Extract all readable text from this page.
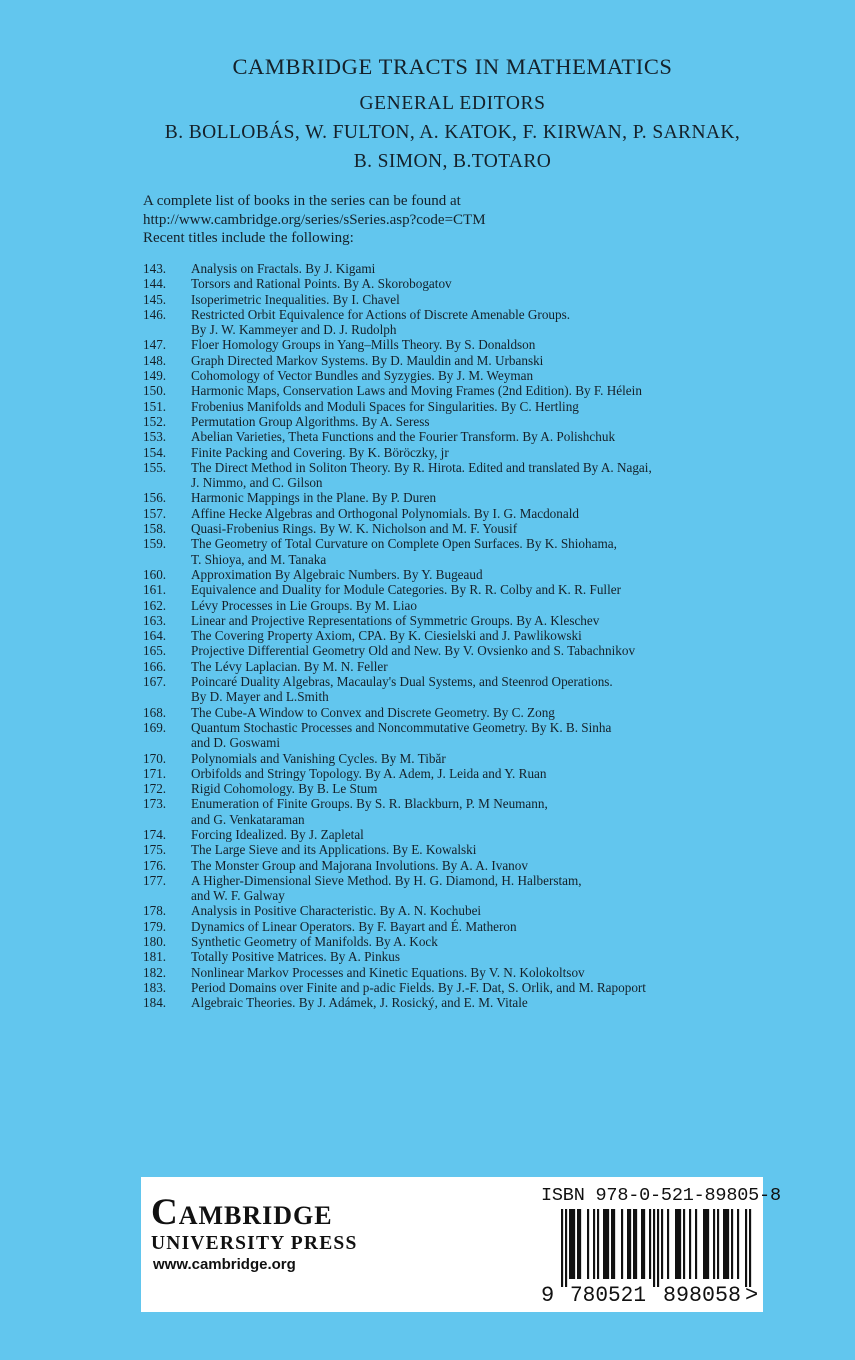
CAMBRIDGE TRACTS IN MATHEMATICS
GENERAL EDITORS
B. BOLLOBÁS, W. FULTON, A. KATOK, F. KIRWAN, P. SARNAK,
B. SIMON, B.TOTARO
A complete list of books in the series can be found at
http://www.cambridge.org/series/sSeries.asp?code=CTM
Recent titles include the following:
143.	Analysis on Fractals. By J. Kigami
144.	Torsors and Rational Points. By A. Skorobogatov
145.	Isoperimetric Inequalities. By I. Chavel
146.	Restricted Orbit Equivalence for Actions of Discrete Amenable Groups.
By J. W. Kammeyer and D. J. Rudolph
147.	Floer Homology Groups in Yang–Mills Theory. By S. Donaldson
148.	Graph Directed Markov Systems. By D. Mauldin and M. Urbanski
149.	Cohomology of Vector Bundles and Syzygies. By J. M. Weyman
150.	Harmonic Maps, Conservation Laws and Moving Frames (2nd Edition). By F. Hélein
151.	Frobenius Manifolds and Moduli Spaces for Singularities. By C. Hertling
152.	Permutation Group Algorithms. By A. Seress
153.	Abelian Varieties, Theta Functions and the Fourier Transform. By A. Polishchuk
154.	Finite Packing and Covering. By K. Böröczky, jr
155.	The Direct Method in Soliton Theory. By R. Hirota. Edited and translated By A. Nagai,
J. Nimmo, and C. Gilson
156.	Harmonic Mappings in the Plane. By P. Duren
157.	Affine Hecke Algebras and Orthogonal Polynomials. By I. G. Macdonald
158.	Quasi-Frobenius Rings. By W. K. Nicholson and M. F. Yousif
159.	The Geometry of Total Curvature on Complete Open Surfaces. By K. Shiohama,
T. Shioya, and M. Tanaka
160.	Approximation By Algebraic Numbers. By Y. Bugeaud
161.	Equivalence and Duality for Module Categories. By R. R. Colby and K. R. Fuller
162.	Lévy Processes in Lie Groups. By M. Liao
163.	Linear and Projective Representations of Symmetric Groups. By A. Kleschev
164.	The Covering Property Axiom, CPA. By K. Ciesielski and J. Pawlikowski
165.	Projective Differential Geometry Old and New. By V. Ovsienko and S. Tabachnikov
166.	The Lévy Laplacian. By M. N. Feller
167.	Poincaré Duality Algebras, Macaulay's Dual Systems, and Steenrod Operations.
By D. Mayer and L.Smith
168.	The Cube-A Window to Convex and Discrete Geometry. By C. Zong
169.	Quantum Stochastic Processes and Noncommutative Geometry. By K. B. Sinha
and D. Goswami
170.	Polynomials and Vanishing Cycles. By M. Tibăr
171.	Orbifolds and Stringy Topology. By A. Adem, J. Leida and Y. Ruan
172.	Rigid Cohomology. By B. Le Stum
173.	Enumeration of Finite Groups. By S. R. Blackburn, P. M Neumann,
and G. Venkataraman
174.	Forcing Idealized. By J. Zapletal
175.	The Large Sieve and its Applications. By E. Kowalski
176.	The Monster Group and Majorana Involutions. By A. A. Ivanov
177.	A Higher-Dimensional Sieve Method. By H. G. Diamond, H. Halberstam,
and W. F. Galway
178.	Analysis in Positive Characteristic. By A. N. Kochubei
179.	Dynamics of Linear Operators. By F. Bayart and É. Matheron
180.	Synthetic Geometry of Manifolds. By A. Kock
181.	Totally Positive Matrices. By A. Pinkus
182.	Nonlinear Markov Processes and Kinetic Equations. By V. N. Kolokoltsov
183.	Period Domains over Finite and p-adic Fields. By J.-F. Dat, S. Orlik, and M. Rapoport
184.	Algebraic Theories. By J. Adámek, J. Rosický, and E. M. Vitale
Cambridge
UNIVERSITY PRESS
www.cambridge.org
ISBN 978-0-521-89805-8
9 780521 898058 >
